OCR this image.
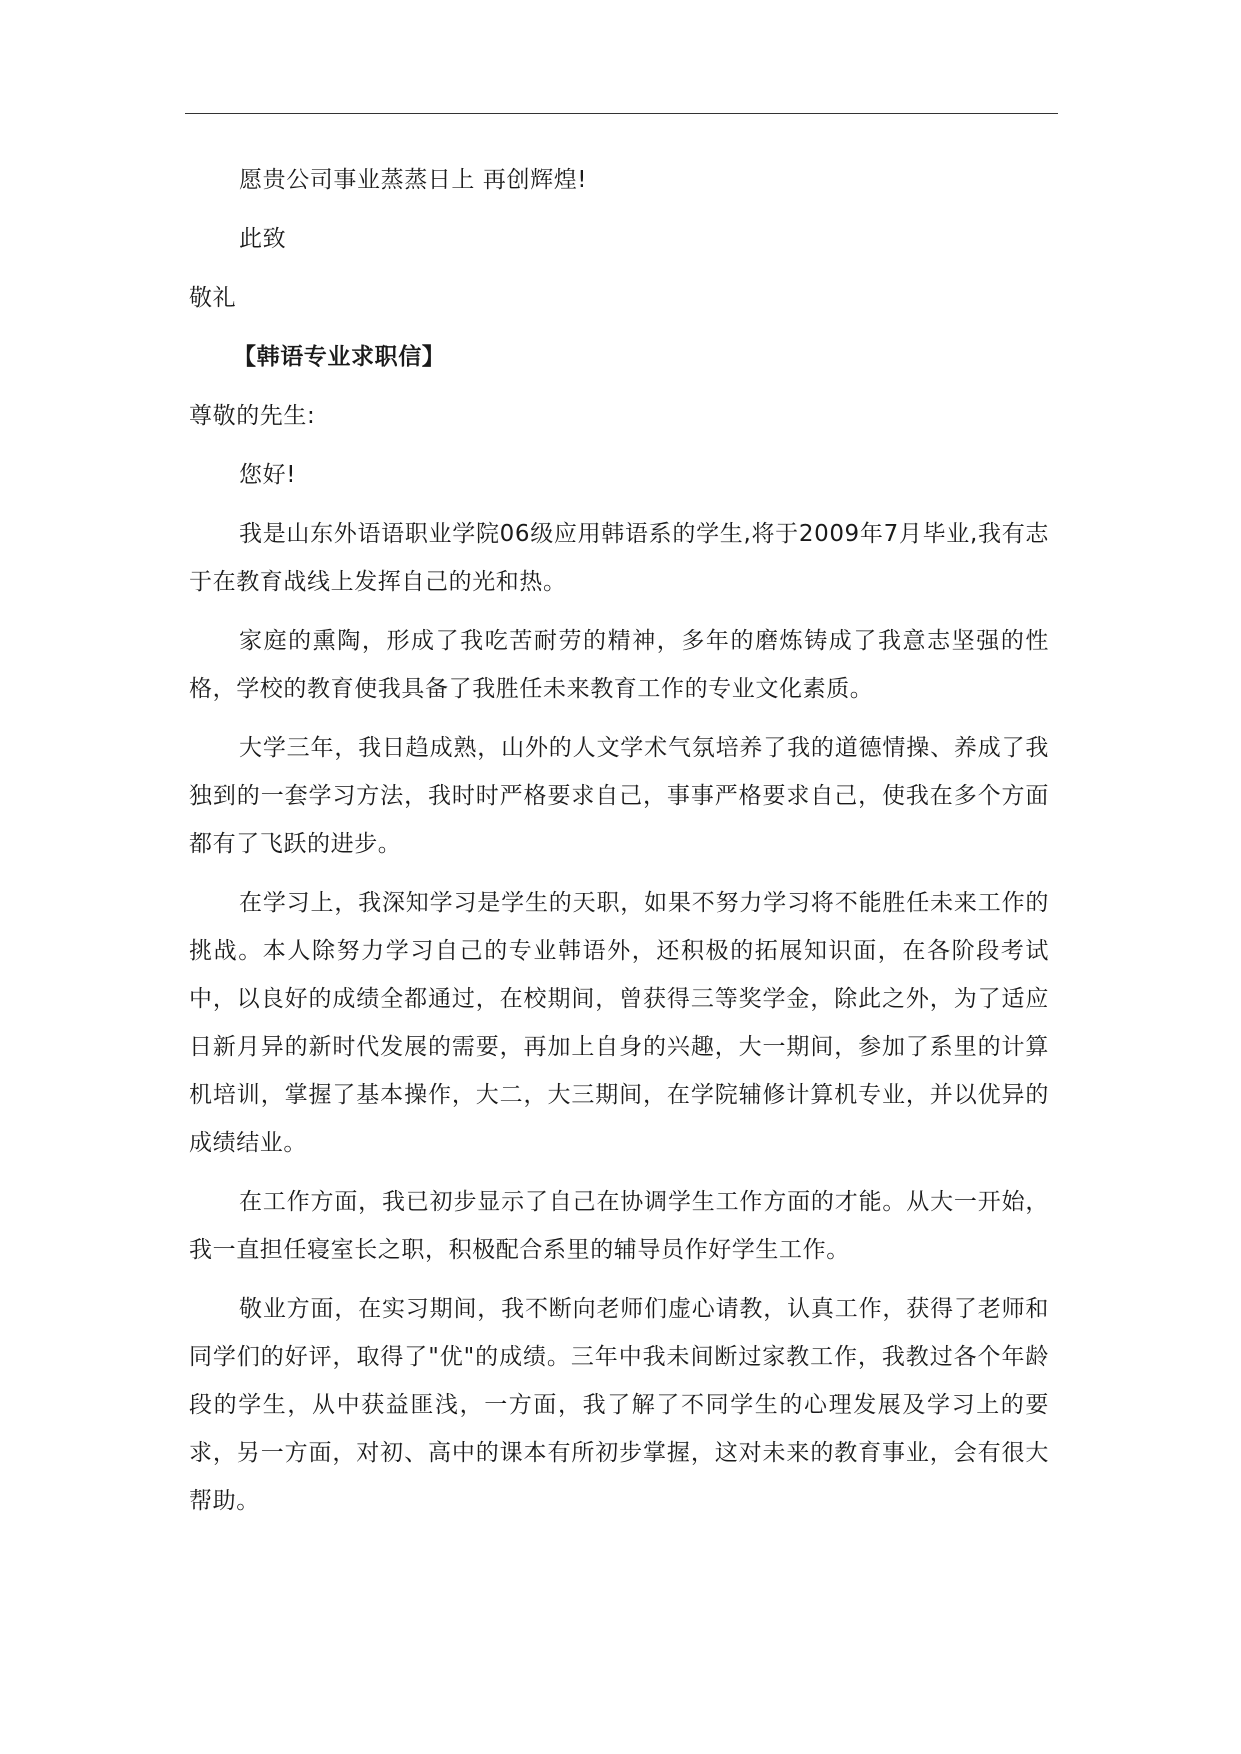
愿贵公司事业蒸蒸日上 再创辉煌!

此致

敬礼

【韩语专业求职信】

尊敬的先生:

您好!

我是山东外语语职业学院06级应用韩语系的学生,将于2009年7月毕业,我有志于在教育战线上发挥自己的光和热。

家庭的熏陶，形成了我吃苦耐劳的精神，多年的磨炼铸成了我意志坚强的性格，学校的教育使我具备了我胜任未来教育工作的专业文化素质。

大学三年，我日趋成熟，山外的人文学术气氛培养了我的道德情操、养成了我独到的一套学习方法，我时时严格要求自己，事事严格要求自己，使我在多个方面都有了飞跃的进步。

在学习上，我深知学习是学生的天职，如果不努力学习将不能胜任未来工作的挑战。本人除努力学习自己的专业韩语外，还积极的拓展知识面，在各阶段考试中，以良好的成绩全都通过，在校期间，曾获得三等奖学金，除此之外，为了适应日新月异的新时代发展的需要，再加上自身的兴趣，大一期间，参加了系里的计算机培训，掌握了基本操作，大二，大三期间，在学院辅修计算机专业，并以优异的成绩结业。

在工作方面，我已初步显示了自己在协调学生工作方面的才能。从大一开始，我一直担任寝室长之职，积极配合系里的辅导员作好学生工作。

敬业方面，在实习期间，我不断向老师们虚心请教，认真工作，获得了老师和同学们的好评，取得了"优"的成绩。三年中我未间断过家教工作，我教过各个年龄段的学生，从中获益匪浅，一方面，我了解了不同学生的心理发展及学习上的要求，另一方面，对初、高中的课本有所初步掌握，这对未来的教育事业，会有很大帮助。
